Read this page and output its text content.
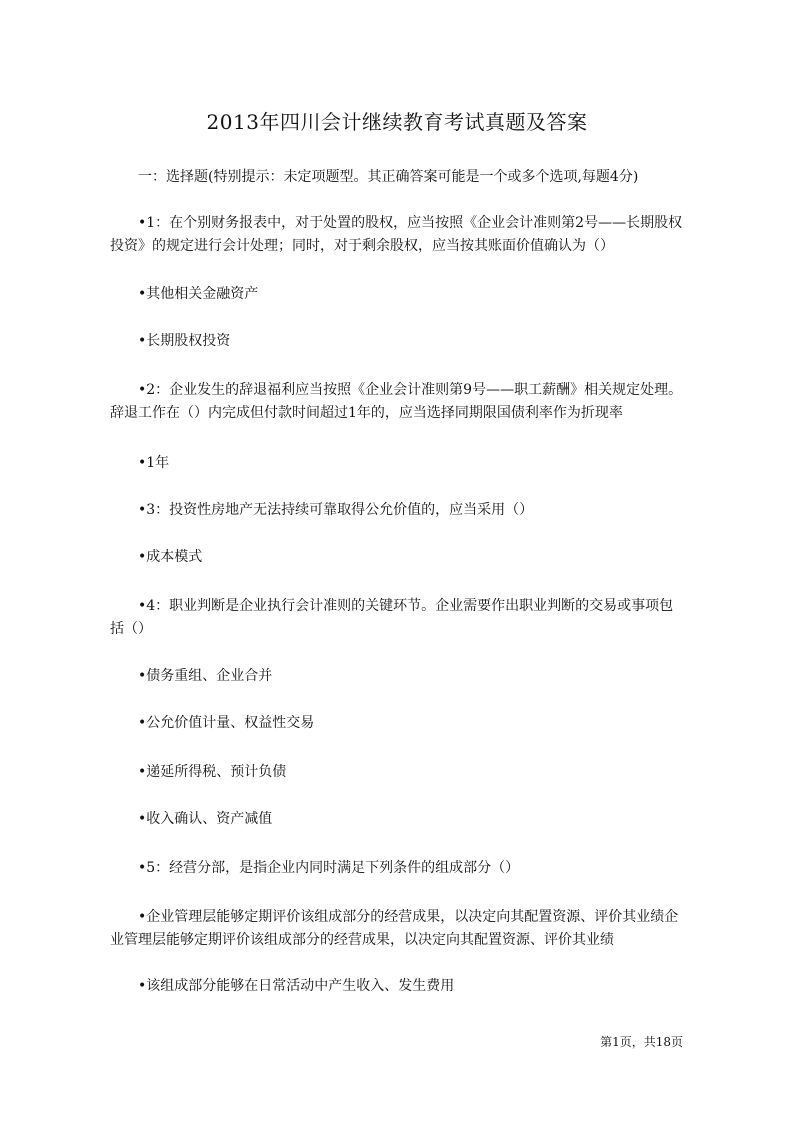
2013年四川会计继续教育考试真题及答案
一：选择题(特别提示：未定项题型。其正确答案可能是一个或多个选项,每题4分)
•1：在个别财务报表中，对于处置的股权，应当按照《企业会计准则第2号——长期股权投资》的规定进行会计处理；同时，对于剩余股权，应当按其账面价值确认为（）
•其他相关金融资产
•长期股权投资
•2：企业发生的辞退福利应当按照《企业会计准则第9号——职工薪酬》相关规定处理。辞退工作在（）内完成但付款时间超过1年的，应当选择同期限国债利率作为折现率
•1年
•3：投资性房地产无法持续可靠取得公允价值的，应当采用（）
•成本模式
•4：职业判断是企业执行会计准则的关键环节。企业需要作出职业判断的交易或事项包括（）
•债务重组、企业合并
•公允价值计量、权益性交易
•递延所得税、预计负债
•收入确认、资产减值
•5：经营分部，是指企业内同时满足下列条件的组成部分（）
•企业管理层能够定期评价该组成部分的经营成果，以决定向其配置资源、评价其业绩企业管理层能够定期评价该组成部分的经营成果，以决定向其配置资源、评价其业绩
•该组成部分能够在日常活动中产生收入、发生费用
第1页，共18页
